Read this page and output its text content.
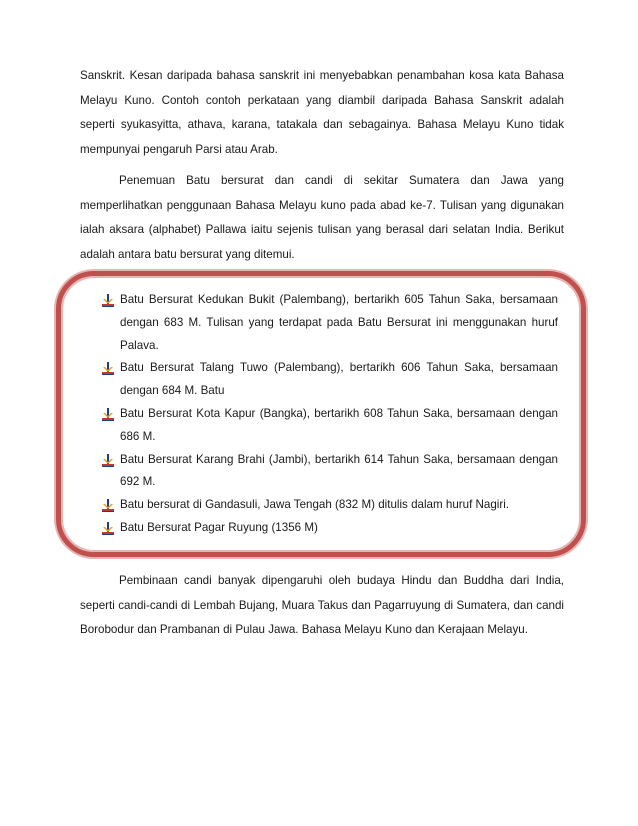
Sanskrit. Kesan daripada bahasa sanskrit ini menyebabkan penambahan kosa kata Bahasa Melayu Kuno. Contoh contoh perkataan yang diambil daripada Bahasa Sanskrit adalah seperti syukasyitta, athava, karana, tatakala dan sebagainya. Bahasa Melayu Kuno tidak mempunyai pengaruh Parsi atau Arab.

Penemuan Batu bersurat dan candi di sekitar Sumatera dan Jawa yang memperlihatkan penggunaan Bahasa Melayu kuno pada abad ke-7. Tulisan yang digunakan ialah aksara (alphabet) Pallawa iaitu sejenis tulisan yang berasal dari selatan India. Berikut adalah antara batu bersurat yang ditemui.

Batu Bersurat Kedukan Bukit (Palembang), bertarikh 605 Tahun Saka, bersamaan dengan 683 M. Tulisan yang terdapat pada Batu Bersurat ini menggunakan huruf Palava.
Batu Bersurat Talang Tuwo (Palembang), bertarikh 606 Tahun Saka, bersamaan dengan 684 M. Batu
Batu Bersurat Kota Kapur (Bangka), bertarikh 608 Tahun Saka, bersamaan dengan 686 M.
Batu Bersurat Karang Brahi (Jambi), bertarikh 614 Tahun Saka, bersamaan dengan 692 M.
Batu bersurat di Gandasuli, Jawa Tengah (832 M) ditulis dalam huruf Nagiri.
Batu Bersurat Pagar Ruyung (1356 M)

Pembinaan candi banyak dipengaruhi oleh budaya Hindu dan Buddha dari India, seperti candi-candi di Lembah Bujang, Muara Takus dan Pagarruyung di Sumatera, dan candi Borobodur dan Prambanan di Pulau Jawa. Bahasa Melayu Kuno dan Kerajaan Melayu.
